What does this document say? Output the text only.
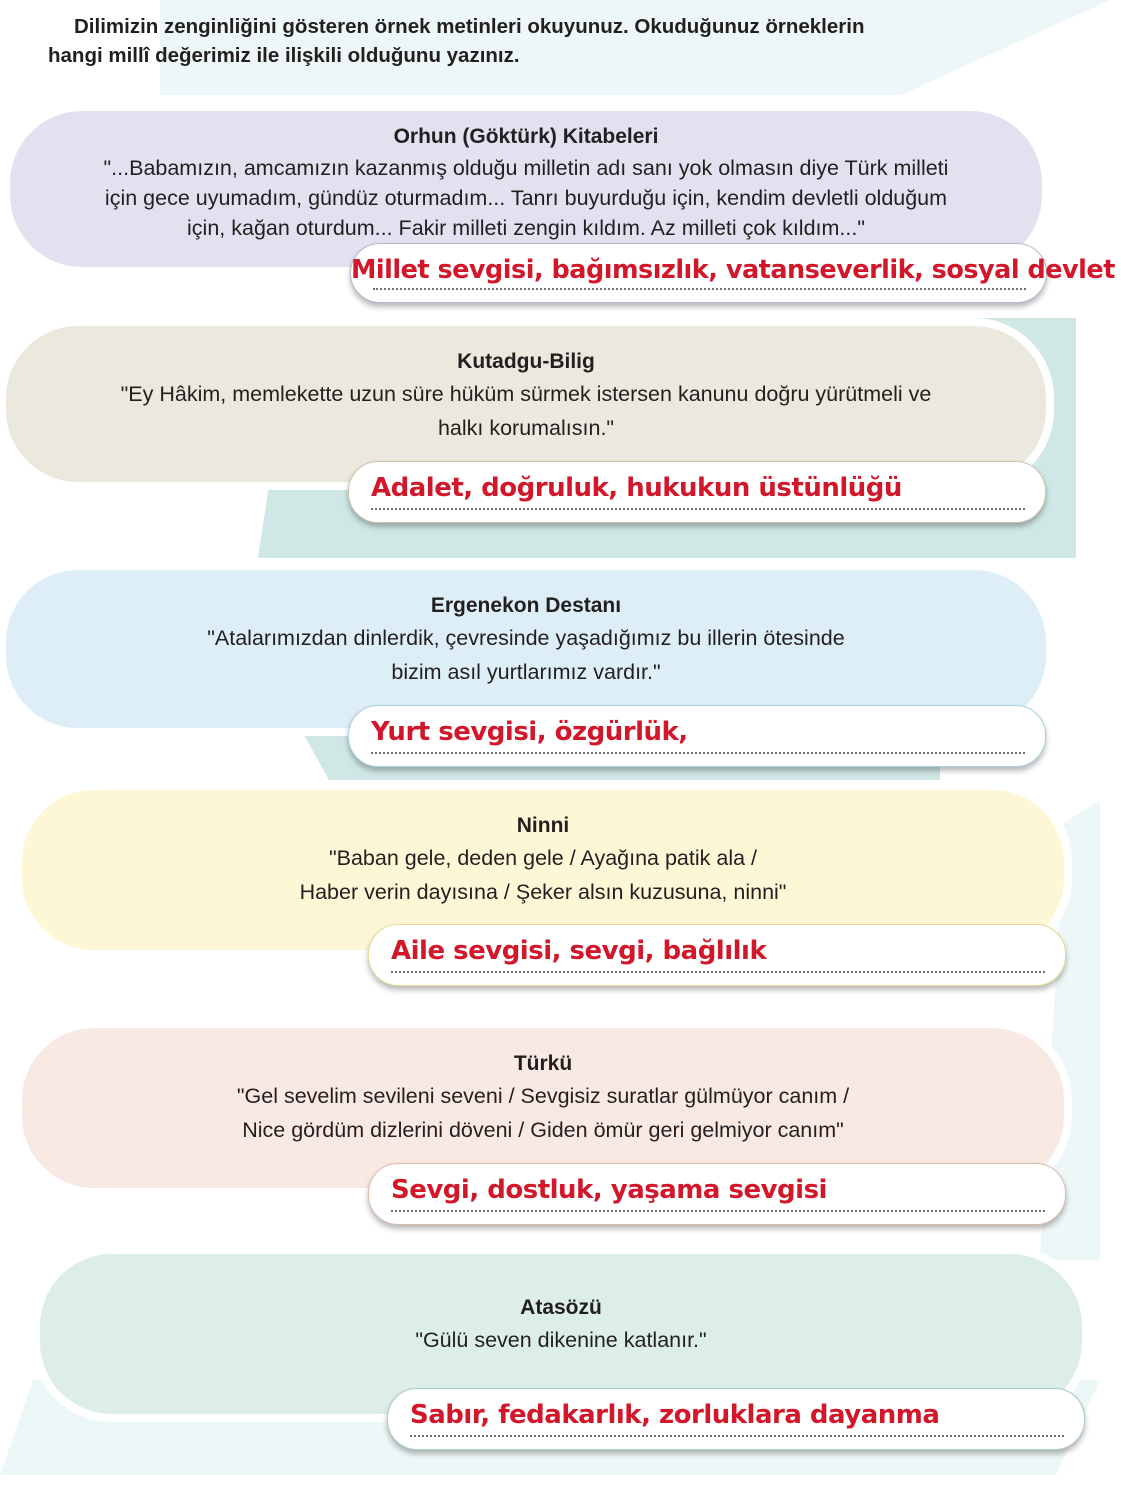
Dilimizin zenginliğini gösteren örnek metinleri okuyunuz. Okuduğunuz örneklerin
hangi millî değerimiz ile ilişkili olduğunu yazınız.
Orhun (Göktürk) Kitabeleri
"...Babamızın, amcamızın kazanmış olduğu milletin adı sanı yok olmasın diye Türk milleti
için gece uyumadım, gündüz oturmadım... Tanrı buyurduğu için, kendim devletli olduğum
için, kağan oturdum... Fakir milleti zengin kıldım. Az milleti çok kıldım..."
Millet sevgisi, bağımsızlık, vatanseverlik, sosyal devlet
Kutadgu-Bilig
"Ey Hâkim, memlekette uzun süre hüküm sürmek istersen kanunu doğru yürütmeli ve
halkı korumalısın."
Adalet, doğruluk, hukukun üstünlüğü
Ergenekon Destanı
"Atalarımızdan dinlerdik, çevresinde yaşadığımız bu illerin ötesinde
bizim asıl yurtlarımız vardır."
Yurt sevgisi, özgürlük,
Ninni
"Baban gele, deden gele / Ayağına patik ala /
Haber verin dayısına / Şeker alsın kuzusuna, ninni"
Aile sevgisi, sevgi, bağlılık
Türkü
"Gel sevelim sevileni seveni / Sevgisiz suratlar gülmüyor canım /
Nice gördüm dizlerini döveni / Giden ömür geri gelmiyor canım"
Sevgi, dostluk, yaşama sevgisi
Atasözü
"Gülü seven dikenine katlanır."
Sabır, fedakarlık, zorluklara dayanma
